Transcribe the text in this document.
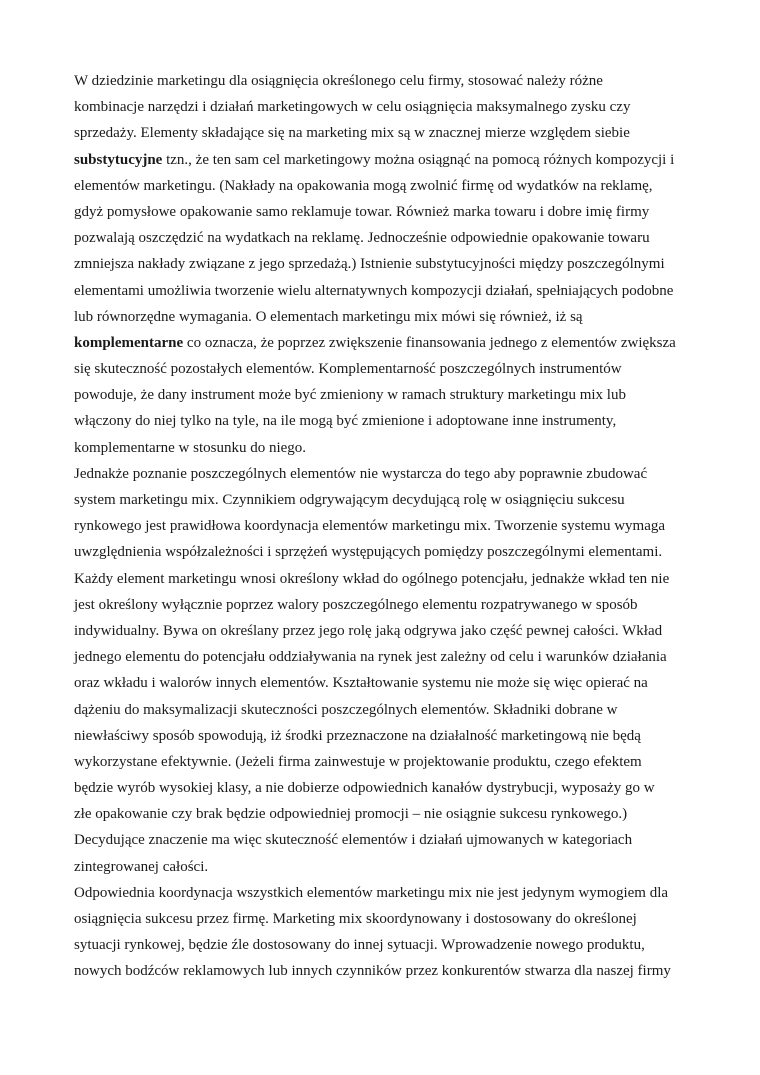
W dziedzinie marketingu dla osiągnięcia określonego celu firmy, stosować należy różne
kombinacje narzędzi i działań marketingowych w celu osiągnięcia maksymalnego zysku czy
sprzedaży. Elementy składające się na marketing mix są w znacznej mierze względem siebie
substytucyjne tzn., że ten sam cel marketingowy można osiągnąć na pomocą różnych kompozycji i
elementów marketingu. (Nakłady na opakowania mogą zwolnić firmę od wydatków na reklamę,
gdyż pomysłowe opakowanie samo reklamuje towar. Również marka towaru i dobre imię firmy
pozwalają oszczędzić na wydatkach na reklamę. Jednocześnie odpowiednie opakowanie towaru
zmniejsza nakłady związane z jego sprzedażą.) Istnienie substytucyjności między poszczególnymi
elementami umożliwia tworzenie wielu alternatywnych kompozycji działań, spełniających podobne
lub równorzędne wymagania. O elementach marketingu mix mówi się również, iż są
komplementarne co oznacza, że poprzez zwiększenie finansowania jednego z elementów zwiększa
się skuteczność pozostałych elementów. Komplementarność poszczególnych instrumentów
powoduje, że dany instrument może być zmieniony w ramach struktury marketingu mix lub
włączony do niej tylko na tyle, na ile mogą być zmienione i adoptowane inne instrumenty,
komplementarne w stosunku do niego.
Jednakże poznanie poszczególnych elementów nie wystarcza do tego aby poprawnie zbudować
system marketingu mix. Czynnikiem odgrywającym decydującą rolę w osiągnięciu sukcesu
rynkowego jest prawidłowa koordynacja elementów marketingu mix. Tworzenie systemu wymaga
uwzględnienia współzależności i sprzężeń występujących pomiędzy poszczególnymi elementami.
Każdy element marketingu wnosi określony wkład do ogólnego potencjału, jednakże wkład ten nie
jest określony wyłącznie poprzez walory poszczególnego elementu rozpatrywanego w sposób
indywidualny. Bywa on określany przez jego rolę jaką odgrywa jako część pewnej całości. Wkład
jednego elementu do potencjału oddziaływania na rynek jest zależny od celu i warunków działania
oraz wkładu i walorów innych elementów. Kształtowanie systemu nie może się więc opierać na
dążeniu do maksymalizacji skuteczności poszczególnych elementów. Składniki dobrane w
niewłaściwy sposób spowodują, iż środki przeznaczone na działalność marketingową nie będą
wykorzystane efektywnie. (Jeżeli firma zainwestuje w projektowanie produktu, czego efektem
będzie wyrób wysokiej klasy, a nie dobierze odpowiednich kanałów dystrybucji, wyposaży go w
złe opakowanie czy brak będzie odpowiedniej promocji – nie osiągnie sukcesu rynkowego.)
Decydujące znaczenie ma więc skuteczność elementów i działań ujmowanych w kategoriach
zintegrowanej całości.
Odpowiednia koordynacja wszystkich elementów marketingu mix nie jest jedynym wymogiem dla
osiągnięcia sukcesu przez firmę. Marketing mix skoordynowany i dostosowany do określonej
sytuacji rynkowej, będzie źle dostosowany do innej sytuacji. Wprowadzenie nowego produktu,
nowych bodźców reklamowych lub innych czynników przez konkurentów stwarza dla naszej firmy
